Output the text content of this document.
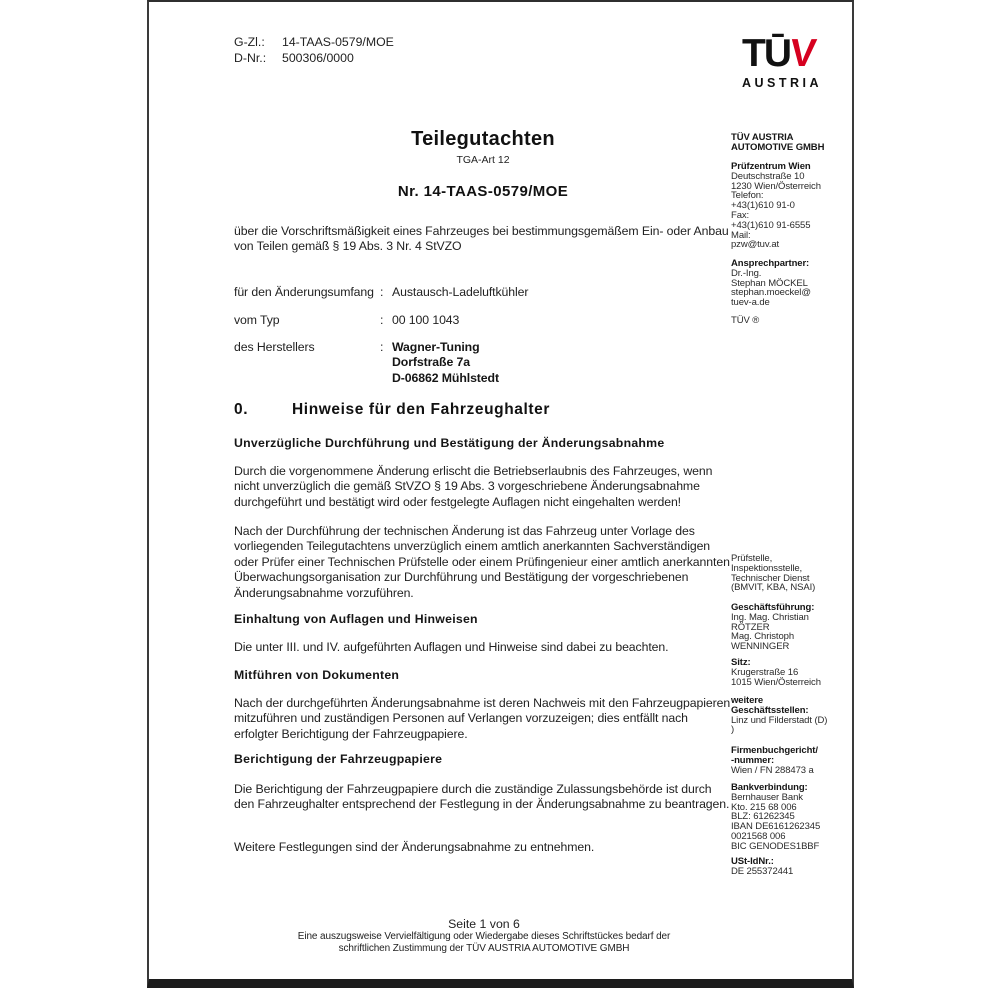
G-Zl.:	14-TAAS-0579/MOE
D-Nr.:	500306/0000	TŪV
AUSTRIA
Teilegutachten
TGA-Art 12
Nr. 14-TAAS-0579/MOE
über die Vorschriftsmäßigkeit eines Fahrzeuges bei bestimmungsgemäßem Ein- oder Anbau von Teilen gemäß § 19 Abs. 3 Nr. 4 StVZO
für den Änderungsumfang : Austausch-Ladeluftkühler
vom Typ	: 00 100 1043
des Herstellers	: Wagner-Tuning
Dorfstraße 7a
D-06862 Mühlstedt
0.	Hinweise für den Fahrzeughalter
Unverzügliche Durchführung und Bestätigung der Änderungsabnahme
Durch die vorgenommene Änderung erlischt die Betriebserlaubnis des Fahrzeuges, wenn nicht unverzüglich die gemäß StVZO § 19 Abs. 3 vorgeschriebene Änderungsabnahme durchgeführt und bestätigt wird oder festgelegte Auflagen nicht eingehalten werden!
Nach der Durchführung der technischen Änderung ist das Fahrzeug unter Vorlage des vorliegenden Teilegutachtens unverzüglich einem amtlich anerkannten Sachverständigen oder Prüfer einer Technischen Prüfstelle oder einem Prüfingenieur einer amtlich anerkannten Überwachungsorganisation zur Durchführung und Bestätigung der vorgeschriebenen Änderungsabnahme vorzuführen.
Einhaltung von Auflagen und Hinweisen
Die unter III. und IV. aufgeführten Auflagen und Hinweise sind dabei zu beachten.
Mitführen von Dokumenten
Nach der durchgeführten Änderungsabnahme ist deren Nachweis mit den Fahrzeugpapieren mitzuführen und zuständigen Personen auf Verlangen vorzuzeigen; dies entfällt nach erfolgter Berichtigung der Fahrzeugpapiere.
Berichtigung der Fahrzeugpapiere
Die Berichtigung der Fahrzeugpapiere durch die zuständige Zulassungsbehörde ist durch den Fahrzeughalter entsprechend der Festlegung in der Änderungsabnahme zu beantragen.
Weitere Festlegungen sind der Änderungsabnahme zu entnehmen.
TÜV AUSTRIA
AUTOMOTIVE GMBH
Prüfzentrum Wien
Deutschstraße 10
1230 Wien/Österreich
Telefon:
+43(1)610 91-0
Fax:
+43(1)610 91-6555
Mail:
pzw@tuv.at
Ansprechpartner:
Dr.-Ing.
Stephan MÖCKEL
stephan.moeckel@
tuev-a.de
TÜV ®
Prüfstelle,
Inspektionsstelle,
Technischer Dienst
(BMVIT, KBA, NSAI)
Geschäftsführung:
Ing. Mag. Christian
RÖTZER
Mag. Christoph
WENNINGER
Sitz:
Krugerstraße 16
1015 Wien/Österreich
weitere
Geschäftsstellen:
Linz und Filderstadt (D)
)
Firmenbuchgericht/
-nummer:
Wien / FN 288473 a
Bankverbindung:
Bernhauser Bank
Kto. 215 68 006
BLZ: 61262345
IBAN DE6161262345
0021568 006
BIC GENODES1BBF
USt-IdNr.:
DE 255372441
Seite 1 von 6
Eine auszugsweise Vervielfältigung oder Wiedergabe dieses Schriftstückes bedarf der
schriftlichen Zustimmung der TÜV AUSTRIA AUTOMOTIVE GMBH
